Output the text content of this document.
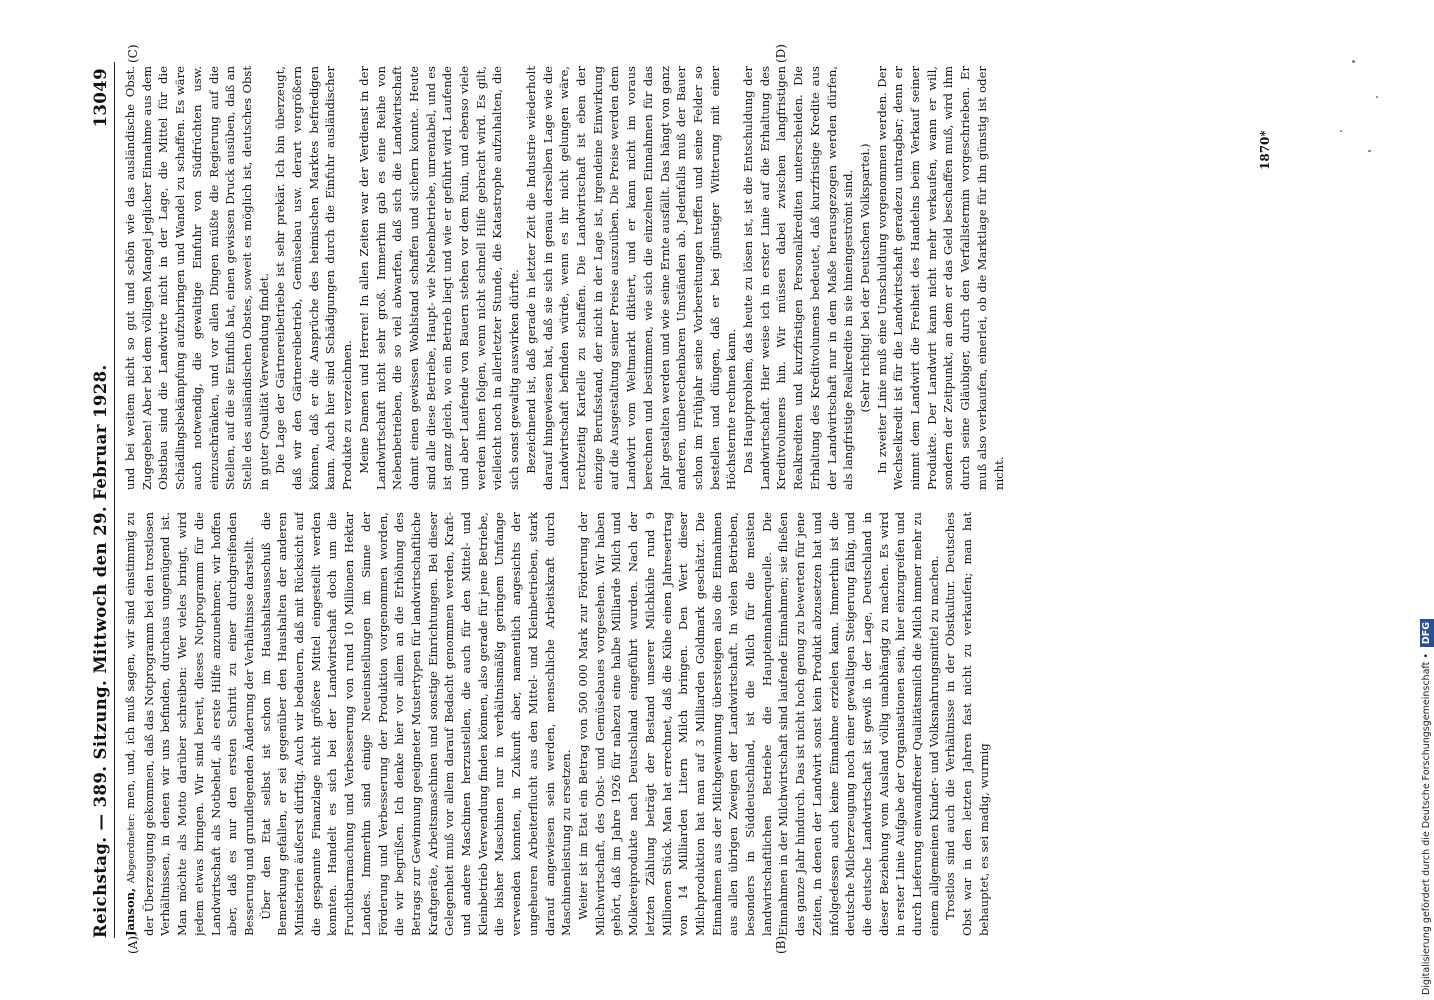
Reichstag. — 389. Sitzung. Mittwoch den 29. Februar 1928.
13049
(A)	(B)
(C)	(D)

Janson, Abgeordneter: men, und, ich muß sagen, wir sind einstimmig zu der Überzeugung gekommen, daß das Notprogramm bei den trostlosen Verhältnissen, in denen wir uns befinden, durchaus ungenügend ist. Man möchte als Motto darüber schreiben: Wer vieles bringt, wird jedem etwas bringen. Wir sind bereit, dieses Notprogramm für die Landwirtschaft als Notbehelf, als erste Hilfe anzunehmen; wir hoffen aber, daß es nur den ersten Schritt zu einer durchgreifenden Besserung und grundlegenden Änderung der Verhältnisse darstellt. Über den Etat selbst ist schon im Haushaltsausschuß die Bemerkung gefallen, er sei gegenüber den Haushalten der anderen Ministerien äußerst dürftig. Auch wir bedauern, daß mit Rücksicht auf die gespannte Finanzlage nicht größere Mittel eingestellt werden konnten. Handelt es sich bei der Landwirtschaft doch um die Fruchtbarmachung und Verbesserung von rund 10 Millionen Hektar Landes. Immerhin sind einige Neueinstellungen im Sinne der Förderung und Verbesserung der Produktion vorgenommen worden, die wir begrüßen. Ich denke hier vor allem an die Erhöhung des Betrags zur Gewinnung geeigneter Mustertypen für landwirtschaftliche Kraftgeräte, Arbeitsmaschinen und sonstige Einrichtungen. Bei dieser Gelegenheit muß vor allem darauf Bedacht genommen werden, Kraft- und andere Maschinen herzustellen, die auch für den Mittel- und Kleinbetrieb Verwendung finden können, also gerade für jene Betriebe, die bisher Maschinen nur in verhältnismäßig geringem Umfange verwenden konnten, in Zukunft aber, namentlich angesichts der ungeheuren Arbeiterflucht aus den Mittel- und Kleinbetrieben, stark darauf angewiesen sein werden, menschliche Arbeitskraft durch Maschinenleistung zu ersetzen. Weiter ist im Etat ein Betrag von 500 000 Mark zur Förderung der Milchwirtschaft, des Obst- und Gemüsebaues vorgesehen. Wir haben gehört, daß im Jahre 1926 für nahezu eine halbe Milliarde Milch und Molkereiprodukte nach Deutschland eingeführt wurden. Nach der letzten Zählung beträgt der Bestand unserer Milchkühe rund 9 Millionen Stück. Man hat errechnet, daß die Kühe einen Jahresertrag von 14 Milliarden Litern Milch bringen. Den Wert dieser Milchproduktion hat man auf 3 Milliarden Goldmark geschätzt. Die Einnahmen aus der Milchgewinnung übersteigen also die Einnahmen aus allen übrigen Zweigen der Landwirtschaft. In vielen Betrieben, besonders in Süddeutschland, ist die Milch für die meisten landwirtschaftlichen Betriebe die Haupteinnahmequelle. Die Einnahmen in der Milchwirtschaft sind laufende Einnahmen; sie fließen das ganze Jahr hindurch. Das ist nicht hoch genug zu bewerten für jene Zeiten, in denen der Landwirt sonst kein Produkt abzusetzen hat und infolgedessen auch keine Einnahme erzielen kann. Immerhin ist die deutsche Milcherzeugung noch einer gewaltigen Steigerung fähig, und die deutsche Landwirtschaft ist gewiß in der Lage, Deutschland in dieser Beziehung vom Ausland völlig unabhängig zu machen. Es wird in erster Linie Aufgabe der Organisationen sein, hier einzugreifen und durch Lieferung einwandfreier Qualitätsmilch die Milch immer mehr zu einem allgemeinen Kinder- und Volksnahrungsmittel zu machen. Trostlos sind auch die Verhältnisse in der Obstkultur. Deutsches Obst war in den letzten Jahren fast nicht zu verkaufen; man hat behauptet, es sei madig, wurmig

und bei weitem nicht so gut und schön wie das ausländische Obst. Zugegeben! Aber bei dem völligen Mangel jeglicher Einnahme aus dem Obstbau sind die Landwirte nicht in der Lage, die Mittel für die Schädlingsbekämpfung aufzubringen und Wandel zu schaffen. Es wäre auch notwendig, die gewaltige Einfuhr von Südfrüchten usw. einzuschränken, und vor allen Dingen müßte die Regierung auf die Stellen, auf die sie Einfluß hat, einen gewissen Druck ausüben, daß an Stelle des ausländischen Obstes, soweit es möglich ist, deutsches Obst in guter Qualität Verwendung findet. Die Lage der Gärtnereibetriebe ist sehr prekär. Ich bin überzeugt, daß wir den Gärtnereibetrieb, Gemüsebau usw. derart vergrößern können, daß er die Ansprüche des heimischen Marktes befriedigen kann. Auch hier sind Schädigungen durch die Einfuhr ausländischer Produkte zu verzeichnen. Meine Damen und Herren! In allen Zeiten war der Verdienst in der Landwirtschaft nicht sehr groß. Immerhin gab es eine Reihe von Nebenbetrieben, die so viel abwarfen, daß sich die Landwirtschaft damit einen gewissen Wohlstand schaffen und sichern konnte. Heute sind alle diese Betriebe, Haupt- wie Nebenbetriebe, unrentabel, und es ist ganz gleich, wo ein Betrieb liegt und wie er geführt wird. Laufende und aber Laufende von Bauern stehen vor dem Ruin, und ebenso viele werden ihnen folgen, wenn nicht schnell Hilfe gebracht wird. Es gilt, vielleicht noch in allerletzter Stunde, die Katastrophe aufzuhalten, die sich sonst gewaltig auswirken dürfte. Bezeichnend ist, daß gerade in letzter Zeit die Industrie wiederholt darauf hingewiesen hat, daß sie sich in genau derselben Lage wie die Landwirtschaft befinden würde, wenn es ihr nicht gelungen wäre, rechtzeitig Kartelle zu schaffen. Die Landwirtschaft ist eben der einzige Berufsstand, der nicht in der Lage ist, irgendeine Einwirkung auf die Ausgestaltung seiner Preise auszuüben. Die Preise werden dem Landwirt vom Weltmarkt diktiert, und er kann nicht im voraus berechnen und bestimmen, wie sich die einzelnen Einnahmen für das Jahr gestalten werden und wie seine Ernte ausfällt. Das hängt von ganz anderen, unberechenbaren Umständen ab. Jedenfalls muß der Bauer schon im Frühjahr seine Vorbereitungen treffen und seine Felder so bestellen und düngen, daß er bei günstiger Witterung mit einer Höchsternte rechnen kann. Das Hauptproblem, das heute zu lösen ist, ist die Entschuldung der Landwirtschaft. Hier weise ich in erster Linie auf die Erhaltung des Kreditvolumens hin. Wir müssen dabei zwischen langfristigen Realkrediten und kurzfristigen Personalkrediten unterscheiden. Die Erhaltung des Kreditvolumens bedeutet, daß kurzfristige Kredite aus der Landwirtschaft nur in dem Maße herausgezogen werden dürfen, als langfristige Realkredite in sie hineingeströmt sind. (Sehr richtig! bei der Deutschen Volkspartei.) In zweiter Linie muß eine Umschuldung vorgenommen werden. Der Wechselkredit ist für die Landwirtschaft geradezu untragbar; denn er nimmt dem Landwirt die Freiheit des Handelns beim Verkauf seiner Produkte. Der Landwirt kann nicht mehr verkaufen, wann er will, sondern der Zeitpunkt, an dem er das Geld beschaffen muß, wird ihm durch seine Gläubiger, durch den Verfallstermin vorgeschrieben. Er muß also verkaufen, einerlei, ob die Marktlage für ihn günstig ist oder nicht.

1870*
Digitalisierung gefördert durch die Deutsche Forschungsgemeinschaft •DFG
